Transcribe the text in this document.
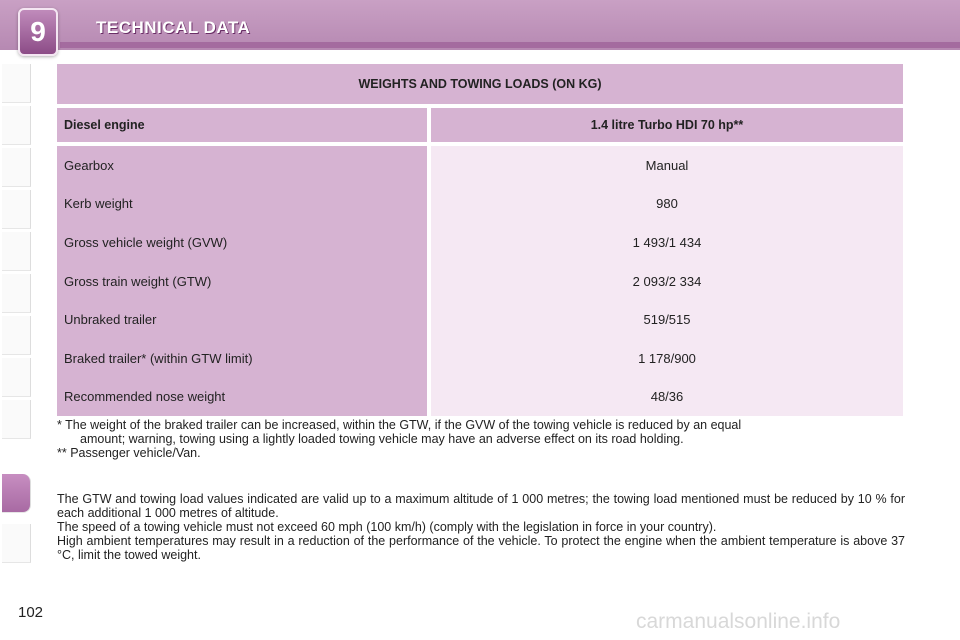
9	TECHNICAL DATA
WEIGHTS AND TOWING LOADS (ON KG)	

Diesel engine	1.4 litre Turbo HDI 70 hp**

Gearbox	Manual
Kerb weight	980
Gross vehicle weight (GVW)	1 493/1 434
Gross train weight (GTW)	2 093/2 334
Unbraked trailer	519/515
Braked trailer* (within GTW limit)	1 178/900
Recommended nose weight	48/36
* The weight of the braked trailer can be increased, within the GTW, if the GVW of the towing vehicle is reduced by an equal
amount; warning, towing using a lightly loaded towing vehicle may have an adverse effect on its road holding.
** Passenger vehicle/Van.
The GTW and towing load values indicated are valid up to a maximum altitude of 1 000 metres; the towing load mentioned must be reduced by 10 % for each additional 1 000 metres of altitude.
The speed of a towing vehicle must not exceed 60 mph (100 km/h) (comply with the legislation in force in your country).
High ambient temperatures may result in a reduction of the performance of the vehicle. To protect the engine when the ambient temperature is above 37 °C, limit the towed weight.
102	carmanualsonline.info
